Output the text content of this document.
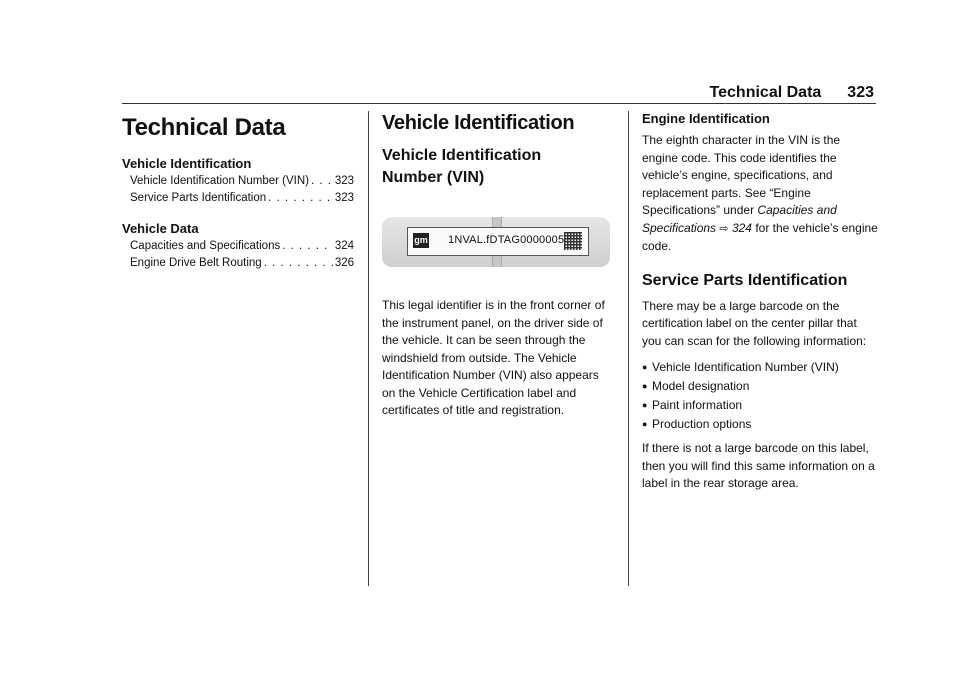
Technical Data 323
Technical Data
Vehicle Identification
Vehicle Identification Number (VIN) . . . 323
Service Parts Identification . . .	323
Vehicle Data
Capacities and Specifications . . .	324
Engine Drive Belt Routing . . .	326
Vehicle Identification
Vehicle Identification
Number (VIN)
gm 1NVAL.fDTAG0000005

This legal identifier is in the front corner of the instrument panel, on the driver side of the vehicle. It can be seen through the windshield from outside. The Vehicle Identification Number (VIN) also appears on the Vehicle Certification label and certificates of title and registration.

Engine Identification

The eighth character in the VIN is the engine code. This code identifies the vehicle’s engine, specifications, and replacement parts. See “Engine Specifications” under Capacities and Specifications ⇨ 324 for the vehicle’s engine code.

Service Parts Identification

There may be a large barcode on the certification label on the center pillar that you can scan for the following information:

● Vehicle Identification Number (VIN)
● Model designation
● Paint information
● Production options

If there is not a large barcode on this label, then you will find this same information on a label in the rear storage area.
